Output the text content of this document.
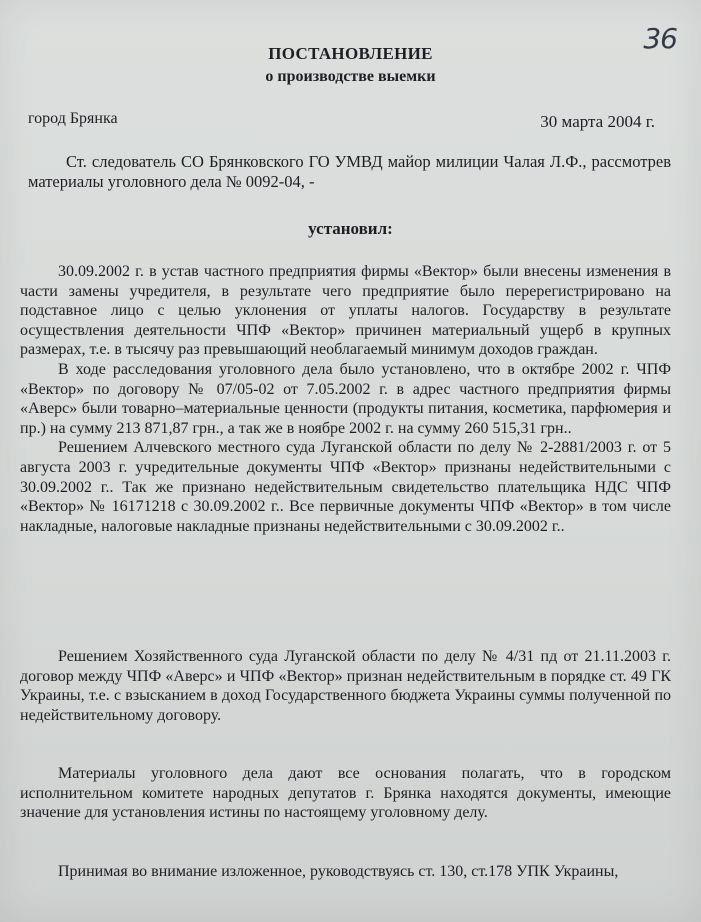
36
ПОСТАНОВЛЕНИЕ
о производстве выемки
город Брянка	30 марта 2004 г.
Ст. следователь СО Брянковского ГО УМВД майор милиции Чалая Л.Ф., рассмотрев материалы уголовного дела № 0092-04, -
установил:

30.09.2002 г. в устав частного предприятия фирмы «Вектор» были внесены изменения в части замены учредителя, в результате чего предприятие было перерегистрировано на подставное лицо с целью уклонения от уплаты налогов. Государству в результате осуществления деятельности ЧПФ «Вектор» причинен материальный ущерб в крупных размерах, т.е. в тысячу раз превышающий необлагаемый минимум доходов граждан.

В ходе расследования уголовного дела было установлено, что в октябре 2002 г. ЧПФ «Вектор» по договору № 07/05-02 от 7.05.2002 г. в адрес частного предприятия фирмы «Аверс» были товарно–материальные ценности (продукты питания, косметика, парфюмерия и пр.) на сумму 213 871,87 грн., а так же в ноябре 2002 г. на сумму 260 515,31 грн..

Решением Алчевского местного суда Луганской области по делу № 2-2881/2003 г. от 5 августа 2003 г. учредительные документы ЧПФ «Вектор» признаны недействительными с 30.09.2002 г.. Так же признано недействительным свидетельство плательщика НДС ЧПФ «Вектор» № 16171218 с 30.09.2002 г.. Все первичные документы ЧПФ «Вектор» в том числе накладные, налоговые накладные признаны недействительными с 30.09.2002 г..

Решением Хозяйственного суда Луганской области по делу № 4/31 пд от 21.11.2003 г. договор между ЧПФ «Аверс» и ЧПФ «Вектор» признан недействительным в порядке ст. 49 ГК Украины, т.е. с взысканием в доход Государственного бюджета Украины суммы полученной по недействительному договору.

Материалы уголовного дела дают все основания полагать, что в городском исполнительном комитете народных депутатов г. Брянка находятся документы, имеющие значение для установления истины по настоящему уголовному делу.

Принимая во внимание изложенное, руководствуясь ст. 130, ст.178 УПК Украины,
